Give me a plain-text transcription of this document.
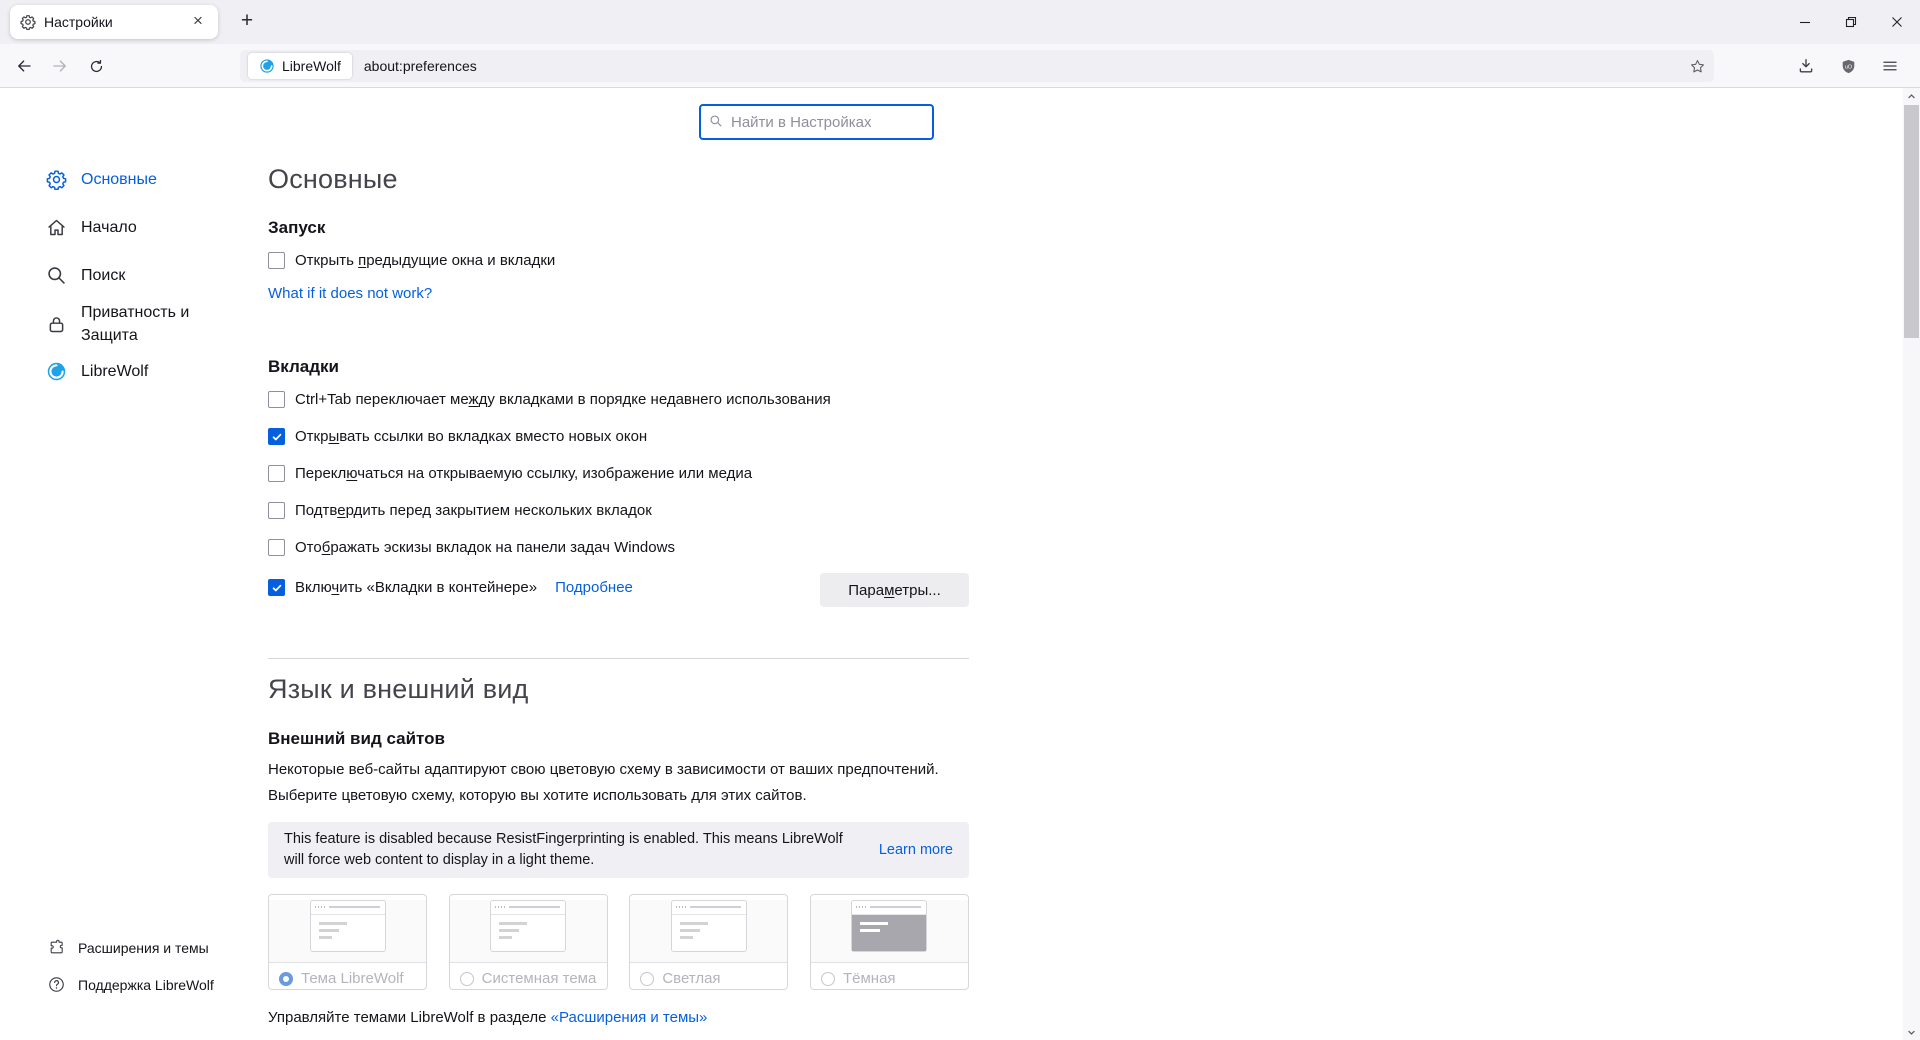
Настройки	×	+
LibreWolf about:preferences	uO
Найти в Настройках
Основные
Начало
Поиск
Приватность и Защита
LibreWolf
Расширения и темы
Поддержка LibreWolf
Основные
Запуск
Открыть предыдущие окна и вкладки
What if it does not work?
Вкладки
Ctrl+Tab переключает между вкладками в порядке недавнего использования
Открывать ссылки во вкладках вместо новых окон
Переключаться на открываемую ссылку, изображение или медиа
Подтвердить перед закрытием нескольких вкладок
Отображать эскизы вкладок на панели задач Windows
Включить «Вкладки в контейнере» Подробнее	Параметры...
Язык и внешний вид
Внешний вид сайтов
Некоторые веб-сайты адаптируют свою цветовую схему в зависимости от ваших предпочтений.
Выберите цветовую схему, которую вы хотите использовать для этих сайтов.
This feature is disabled because ResistFingerprinting is enabled. This means LibreWolf will force web content to display in a light theme.
Learn more
Тема LibreWolf	Системная тема	Светлая	Тёмная
Управляйте темами LibreWolf в разделе «Расширения и темы»
